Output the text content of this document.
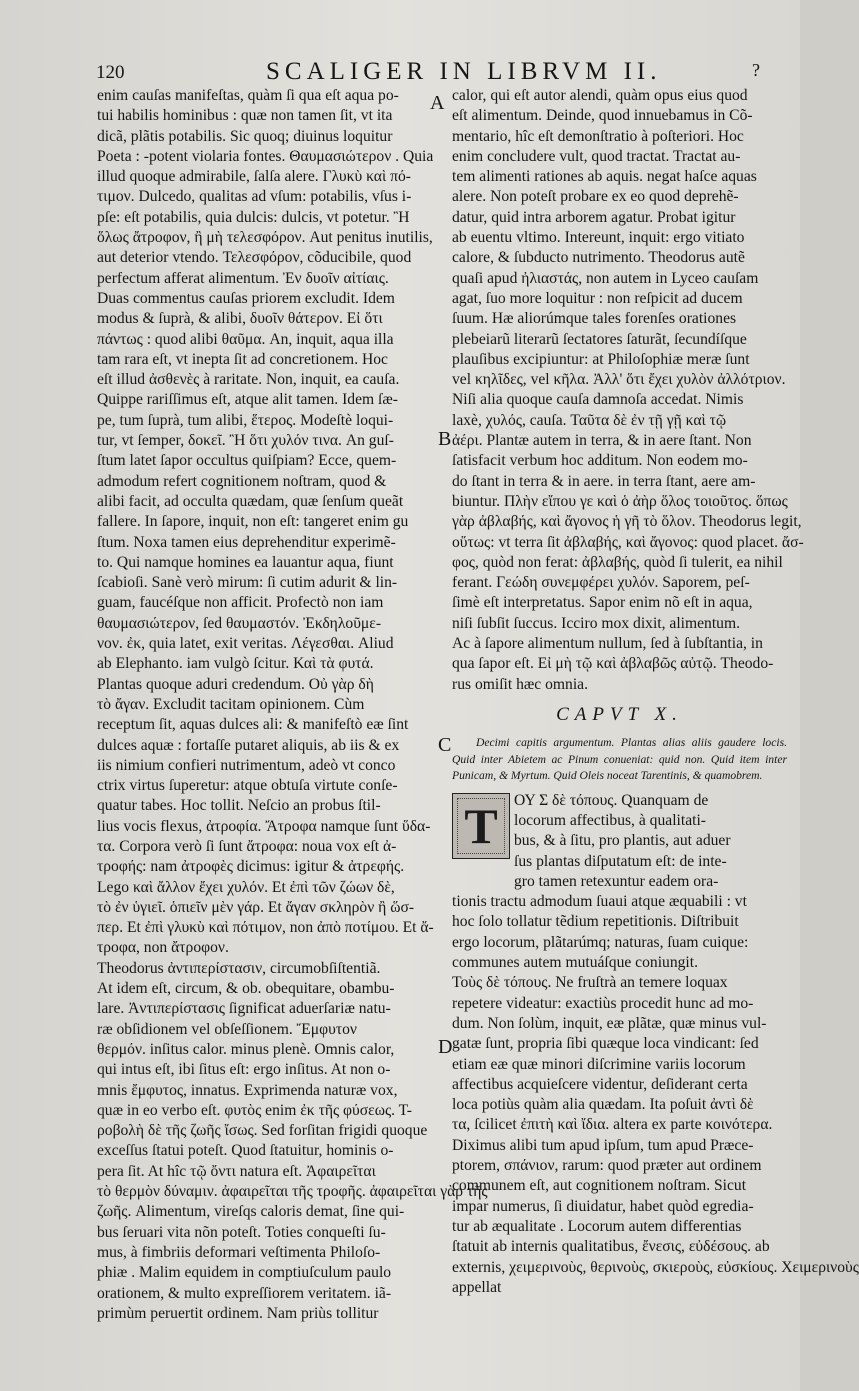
120	SCALIGER IN LIBRVM II.	?
A
B
C
D
enim cauſas manifeſtas, quàm ſi qua eſt aqua po-
tui habilis hominibus : quæ non tamen ſit, vt ita
dicã, plãtis potabilis. Sic quoq; diuinus loquitur
Poeta : -potent violaria fontes. Θαυμασιώτερον . Quia
illud quoque admirabile, ſalſa alere. Γλυκὺ καὶ πό-
τιμον. Dulcedo, qualitas ad vſum: potabilis, vſus i-
pſe: eſt potabilis, quia dulcis: dulcis, vt potetur. Ἢ
ὅλως ἄτροφον, ἢ μὴ τελεσφόρον. Aut penitus inutilis,
aut deterior vtendo. Τελεσφόρον, cõducibile, quod
perfectum afferat alimentum. Ἐν δυοῖν αἰτίαις.
Duas commentus cauſas priorem excludit. Idem
modus & ſuprà, & alibi, δυοῖν θάτερον. Εἰ ὅτι
πάντως : quod alibi θαῦμα. An, inquit, aqua illa
tam rara eſt, vt inepta ſit ad concretionem. Hoc
eſt illud ἀσθενὲς à raritate. Non, inquit, ea cauſa.
Quippe rariſſimus eſt, atque alit tamen. Idem ſæ-
pe, tum ſuprà, tum alibi, ἕτερος. Modeſtè loqui-
tur, vt ſemper, δοκεῖ. Ἢ ὅτι χυλόν τινα. An guſ-
ſtum latet ſapor occultus quiſpiam? Ecce, quem-
admodum refert cognitionem noſtram, quod &
alibi facit, ad occulta quædam, quæ ſenſum queãt
fallere. In ſapore, inquit, non eſt: tangeret enim gu
ſtum. Noxa tamen eius deprehenditur experimẽ-
to. Qui namque homines ea lauantur aqua, fiunt
ſcabioſi. Sanè verò mirum: ſi cutim adurit & lin-
guam, faucéſque non afficit. Profectò non iam
θαυμασιώτερον, ſed θαυμαστόν. Ἐκδηλοῦμε-
νον. ἐκ, quia latet, exit veritas. Λέγεσθαι. Aliud
ab Elephanto. iam vulgò ſcitur. Καὶ τὰ φυτά.
Plantas quoque aduri credendum. Οὐ γὰρ δὴ
τὸ ἄγαν. Excludit tacitam opinionem. Cùm
receptum ſit, aquas dulces ali: & manifeſtò eæ ſint
dulces aquæ : fortaſſe putaret aliquis, ab iis & ex
iis nimium confieri nutrimentum, adeò vt conco
ctrix virtus ſuperetur: atque obtuſa virtute conſe-
quatur tabes. Hoc tollit. Neſcio an probus ſtil-
lius vocis flexus, ἀτροφία. Ἄτροφα namque ſunt ὕδα-
τα. Corpora verò ſi ſunt ἄτροφα: noua vox eſt ἀ-
τροφής: nam ἀτροφὲς dicimus: igitur & ἀτρεφής.
Lego καὶ ἄλλον ἔχει χυλόν. Et ἐπὶ τῶν ζώων δὲ,
τὸ ἐν ὑγιεῖ. ὁπιεῖν μὲν γάρ. Et ἄγαν σκληρὸν ἢ ὥσ-
περ. Et ἐπὶ γλυκὺ καὶ πότιμον, non ἀπὸ ποτίμου. Et ἄ-
τροφα, non ἄτροφον.
Theodorus ἀντιπερίστασιν, circumobſiſtentiã.
At idem eſt, circum, & ob. obequitare, obambu-
lare. Ἀντιπερίστασις ſignificat aduerſariæ natu-
ræ obſidionem vel obſeſſionem. Ἔμφυτον
θερμόν. inſitus calor. minus plenè. Omnis calor,
qui intus eſt, ibi ſitus eſt: ergo inſitus. At non o-
mnis ἔμφυτος, innatus. Exprimenda naturæ vox,
quæ in eo verbo eſt. φυτὸς enim ἐκ τῆς φύσεως. Τ-
ροβολὴ δὲ τῆς ζωῆς ἴσως. Sed forſitan frigidi quoque
exceſſus ſtatui poteſt. Quod ſtatuitur, hominis o-
pera ſit. At hîc τῷ ὄντι natura eſt. Ἀφαιρεῖται
τὸ θερμὸν δύναμιν. ἀφαιρεῖται τῆς τροφῆς. ἀφαιρεῖται γὰρ τῆς
ζωῆς. Alimentum, vireſqs caloris demat, ſine qui-
bus ſeruari vita nõn poteſt. Toties conqueſti ſu-
mus, à fimbriis deformari veſtimenta Philoſo-
phiæ . Malim equidem in comptiuſculum paulo
orationem, & multo expreſſiorem veritatem. iã-
primùm peruertit ordinem. Nam priùs tollitur
calor, qui eſt autor alendi, quàm opus eius quod
eſt alimentum. Deinde, quod innuebamus in Cõ-
mentario, hîc eſt demonſtratio à poſteriori. Hoc
enim concludere vult, quod tractat. Tractat au-
tem alimenti rationes ab aquis. negat haſce aquas
alere. Non poteſt probare ex eo quod deprehẽ-
datur, quid intra arborem agatur. Probat igitur
ab euentu vltimo. Intereunt, inquit: ergo vitiato
calore, & ſubducto nutrimento. Theodorus autẽ
quaſi apud ἠλιαστάς, non autem in Lyceo cauſam
agat, ſuo more loquitur : non reſpicit ad ducem
ſuum. Hæ aliorúmque tales forenſes orationes
plebeiarũ literarũ ſectatores ſaturãt, ſecundíſque
plauſibus excipiuntur: at Philoſophiæ meræ ſunt
vel κηλῖδες, vel κῆλα. Ἀλλ' ὅτι ἔχει χυλὸν ἀλλότριον.
Niſi alia quoque cauſa damnoſa accedat. Nimis
laxè, χυλός, cauſa. Ταῦτα δὲ ἐν τῇ γῇ καὶ τῷ
ἀέρι. Plantæ autem in terra, & in aere ſtant. Non
ſatisfacit verbum hoc additum. Non eodem mo-
do ſtant in terra & in aere. in terra ſtant, aere am-
biuntur. Πλὴν εἴπου γε καὶ ὁ ἀὴρ ὅλος τοιοῦτος. ὅπως
γὰρ ἀβλαβής, καὶ ἄγονος ἡ γῆ τὸ ὅλον. Theodorus legit,
οὕτως: vt terra ſit ἀβλαβής, καὶ ἄγονος: quod placet. ἄσ-
φος, quòd non ferat: ἀβλαβής, quòd ſi tulerit, ea nihil
ferant. Γεώδη συνεμφέρει χυλόν. Saporem, peſ-
ſimè eſt interpretatus. Sapor enim nõ eſt in aqua,
niſi ſubſit ſuccus. Icciro mox dixit, alimentum.
Ac à ſapore alimentum nullum, ſed à ſubſtantia, in
qua ſapor eſt. Εἰ μὴ τῷ καὶ ἀβλαβῶς αὐτῷ. Theodo-
rus omiſit hæc omnia.
CAPVT X.
Decimi capitis argumentum. Plantas alias aliis gaudere locis. Quid inter Abietem ac Pinum conueniat: quid non. Quid item inter Punicam, & Myrtum. Quid Oleis noceat Tarentinis, & quamobrem.
T	ΟΥ Σ δὲ τόπους. Quanquam de
locorum affectibus, à qualitati-
bus, & à ſitu, pro plantis, aut aduer
ſus plantas diſputatum eſt: de inte-
gro tamen retexuntur eadem ora-
tionis tractu admodum ſuaui atque æquabili : vt
hoc ſolo tollatur tẽdium repetitionis. Diſtribuit
ergo locorum, plãtarúmq; naturas, ſuam cuique:
communes autem mutuáſque coniungit.
Τοὺς δὲ τόπους. Ne fruſtrà an temere loquax
repetere videatur: exactiùs procedit hunc ad mo-
dum. Non ſolùm, inquit, eæ plãtæ, quæ minus vul-
gatæ ſunt, propria ſibi quæque loca vindicant: ſed
etiam eæ quæ minori diſcrimine variis locorum
affectibus acquieſcere videntur, deſiderant certa
loca potiùs quàm alia quædam. Ita poſuit ἀντὶ δὲ
τα, ſcilicet ἐπιτὴ καὶ ἴδια. altera ex parte κοινότερα.
Diximus alibi tum apud ipſum, tum apud Præce-
ptorem, σπάνιον, rarum: quod præter aut ordinem
communem eſt, aut cognitionem noſtram. Sicut
impar numerus, ſi diuidatur, habet quòd egredia-
tur ab æqualitate . Locorum autem differentias
ſtatuit ab internis qualitatibus, ἔνεσις, εὐδέσους. ab
externis, χειμερινοὺς, θερινοὺς, σκιεροὺς, εὐσκίους. Χειμερινοὺς
appellat
